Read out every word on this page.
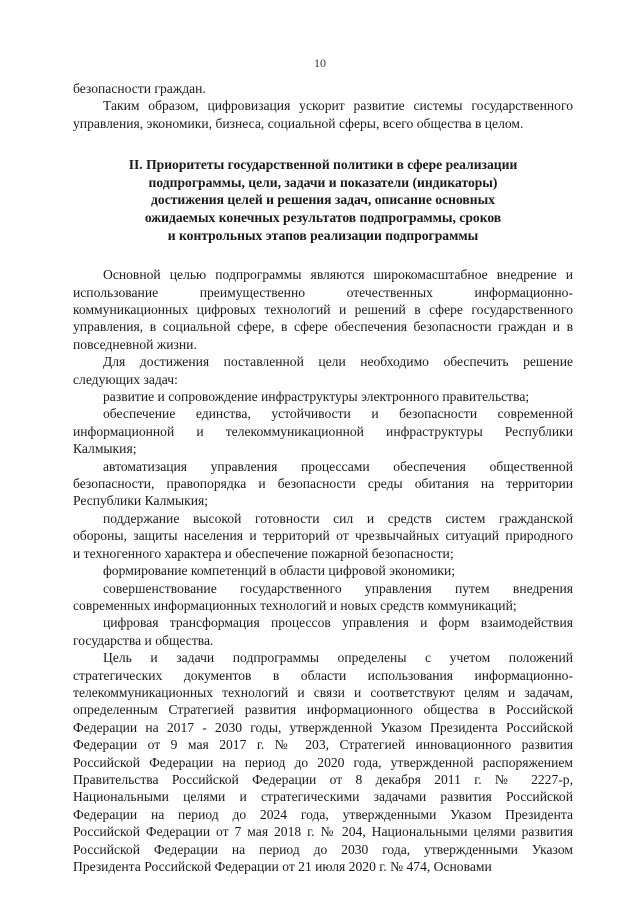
10

безопасности граждан.

Таким образом, цифровизация ускорит развитие системы государственного
управления, экономики, бизнеса, социальной сферы, всего общества в целом.

II. Приоритеты государственной политики в сфере реализации
подпрограммы, цели, задачи и показатели (индикаторы)
достижения целей и решения задач, описание основных
ожидаемых конечных результатов подпрограммы, сроков
и контрольных этапов реализации подпрограммы

Основной целью подпрограммы являются широкомасштабное внедрение и
использование преимущественно отечественных информационно-
коммуникационных цифровых технологий и решений в сфере государственного
управления, в социальной сфере, в сфере обеспечения безопасности граждан и в
повседневной жизни.

Для достижения поставленной цели необходимо обеспечить решение
следующих задач:

развитие и сопровождение инфраструктуры электронного правительства;

обеспечение единства, устойчивости и безопасности современной
информационной и телекоммуникационной инфраструктуры Республики
Калмыкия;

автоматизация управления процессами обеспечения общественной
безопасности, правопорядка и безопасности среды обитания на территории
Республики Калмыкия;

поддержание высокой готовности сил и средств систем гражданской
обороны, защиты населения и территорий от чрезвычайных ситуаций природного
и техногенного характера и обеспечение пожарной безопасности;

формирование компетенций в области цифровой экономики;

совершенствование государственного управления путем внедрения
современных информационных технологий и новых средств коммуникаций;

цифровая трансформация процессов управления и форм взаимодействия
государства и общества.

Цель и задачи подпрограммы определены с учетом положений
стратегических документов в области использования информационно-
телекоммуникационных технологий и связи и соответствуют целям и задачам,
определенным Стратегией развития информационного общества в Российской
Федерации на 2017 - 2030 годы, утвержденной Указом Президента Российской
Федерации от 9 мая 2017 г. № 203, Стратегией инновационного развития
Российской Федерации на период до 2020 года, утвержденной распоряжением
Правительства Российской Федерации от 8 декабря 2011 г. № 2227-р,
Национальными целями и стратегическими задачами развития Российской
Федерации на период до 2024 года, утвержденными Указом Президента
Российской Федерации от 7 мая 2018 г. № 204, Национальными целями развития
Российской Федерации на период до 2030 года, утвержденными Указом
Президента Российской Федерации от 21 июля 2020 г. № 474, Основами
